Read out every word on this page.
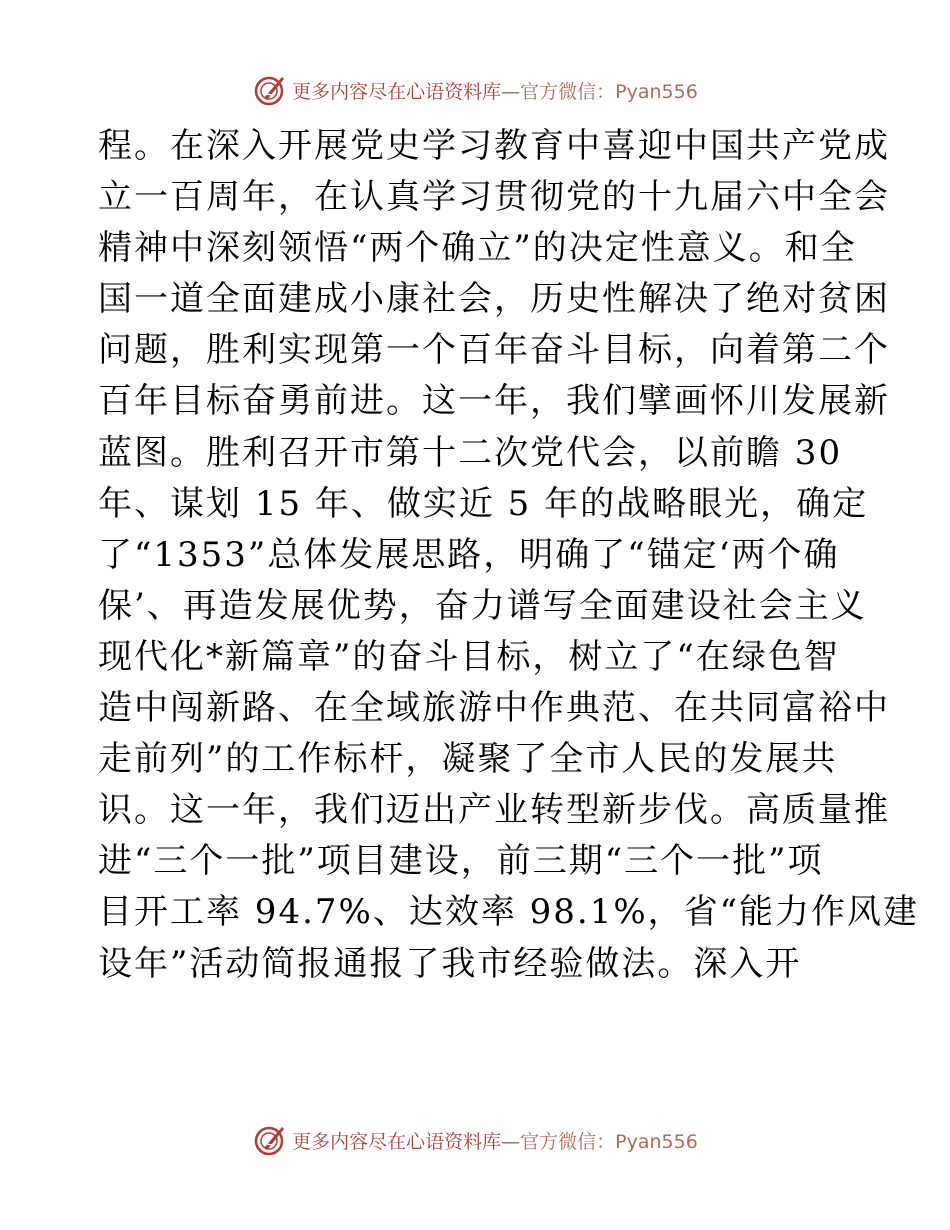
更多内容尽在心语资料库—官方微信：Pyan556
程。在深入开展党史学习教育中喜迎中国共产党成
立一百周年，在认真学习贯彻党的十九届六中全会
精神中深刻领悟“两个确立”的决定性意义。和全
国一道全面建成小康社会，历史性解决了绝对贫困
问题，胜利实现第一个百年奋斗目标，向着第二个
百年目标奋勇前进。这一年，我们擘画怀川发展新
蓝图。胜利召开市第十二次党代会，以前瞻 30
年、谋划 15 年、做实近 5 年的战略眼光，确定
了“1353”总体发展思路，明确了“锚定‘两个确
保’、再造发展优势，奋力谱写全面建设社会主义
现代化*新篇章”的奋斗目标，树立了“在绿色智
造中闯新路、在全域旅游中作典范、在共同富裕中
走前列”的工作标杆，凝聚了全市人民的发展共
识。这一年，我们迈出产业转型新步伐。高质量推
进“三个一批”项目建设，前三期“三个一批”项
目开工率 94.7%、达效率 98.1%，省“能力作风建
设年”活动简报通报了我市经验做法。深入开
更多内容尽在心语资料库—官方微信：Pyan556
